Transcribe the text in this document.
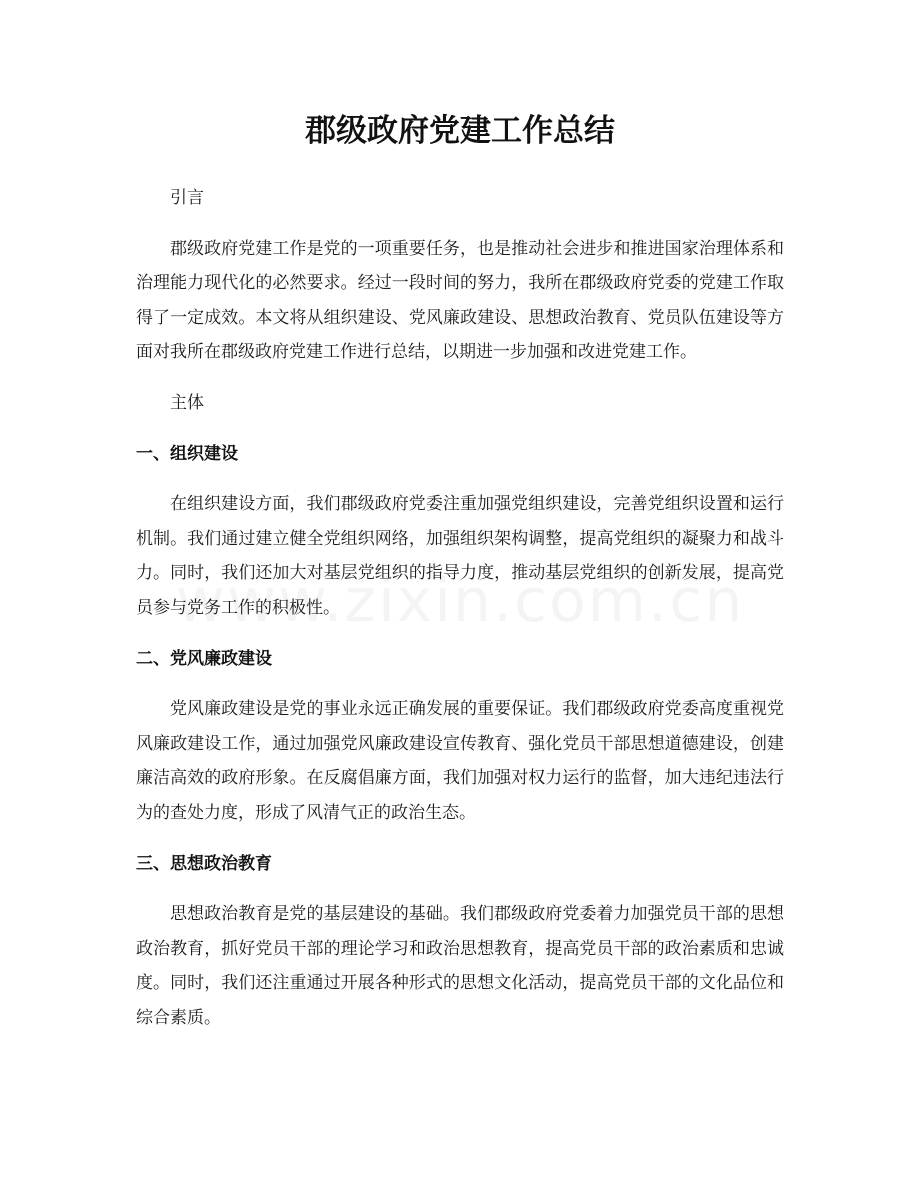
郡级政府党建工作总结

引言

郡级政府党建工作是党的一项重要任务，也是推动社会进步和推进国家治理体系和治理能力现代化的必然要求。经过一段时间的努力，我所在郡级政府党委的党建工作取得了一定成效。本文将从组织建设、党风廉政建设、思想政治教育、党员队伍建设等方面对我所在郡级政府党建工作进行总结，以期进一步加强和改进党建工作。

主体

一、组织建设

在组织建设方面，我们郡级政府党委注重加强党组织建设，完善党组织设置和运行机制。我们通过建立健全党组织网络，加强组织架构调整，提高党组织的凝聚力和战斗力。同时，我们还加大对基层党组织的指导力度，推动基层党组织的创新发展，提高党员参与党务工作的积极性。

二、党风廉政建设

党风廉政建设是党的事业永远正确发展的重要保证。我们郡级政府党委高度重视党风廉政建设工作，通过加强党风廉政建设宣传教育、强化党员干部思想道德建设，创建廉洁高效的政府形象。在反腐倡廉方面，我们加强对权力运行的监督，加大违纪违法行为的查处力度，形成了风清气正的政治生态。

三、思想政治教育

思想政治教育是党的基层建设的基础。我们郡级政府党委着力加强党员干部的思想政治教育，抓好党员干部的理论学习和政治思想教育，提高党员干部的政治素质和忠诚度。同时，我们还注重通过开展各种形式的思想文化活动，提高党员干部的文化品位和综合素质。
